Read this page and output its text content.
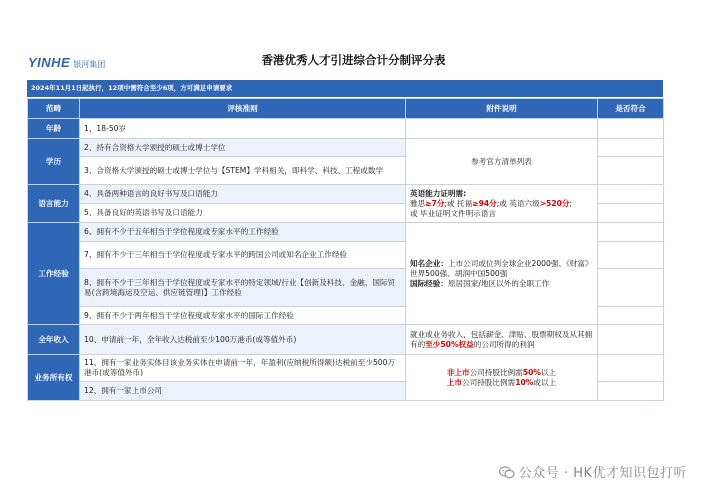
YINHE 银河集团	香港优秀人才引进综合计分制评分表
2024年11月1日起执行，12项中需符合至少6项，方可满足申请要求
范畴	评核准则	附件说明	是否符合
年龄	1、18-50岁		
学历	2、持有合资格大学颁授的硕士或博士学位	参考官方清单列表	
	3、合资格大学颁授的硕士或博士学位与【STEM】学科相关，即科学、科技、工程或数学		
语言能力	4、具备两种语言的良好书写及口语能力	英语能力证明需:
雅思≥7分;或 托福≥94分;或 英语六级>520分;
或 毕业证明文件明示语言	

	5、具备良好的英语书写及口语能力		
工作经验	6、拥有不少于五年相当于学位程度或专家水平的工作经验	知名企业：上市公司或位列全球企业2000强、《财富》世界500强、胡润中国500强
国际经验：原居国家/地区以外的全职工作	

	7、拥有不少于三年相当于学位程度或专家水平的跨国公司或知名企业工作经验		
	8、拥有不少于三年相当于学位程度或专家水平的特定领域/行业【创新及科技、金融、国际贸易(含跨境海运及空运、供应链管理)】工作经验		
	9、拥有不少于两年相当于学位程度或专家水平的国际工作经验		
全年收入	10、申请前一年，全年收入达税前至少100万港币(或等值外币)	就业或业务收入，包括薪金、津贴、股票期权及从其拥有的至少50%权益的公司所得的利润	
业务所有权	11、拥有一家业务实体目该业务实体在申请前一年，年盈利(应纳税所得额)达税前至少500万港币(或等值外币)	非上市公司持股比例需50%以上
上市公司持股比例需10%或以上	

	12、拥有一家上市公司		
公众号 · HK优才知识包打听
